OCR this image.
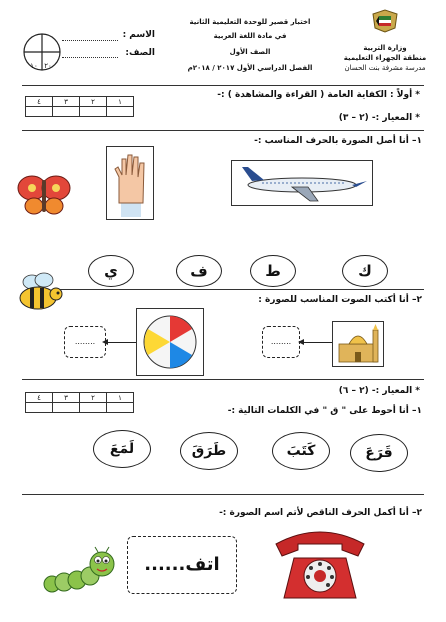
وزارة التربية
منطقة الجهراء التعليمية
مدرسة مشرفة بنت الحسان
اختبار قصير للوحدة التعليمية الثانية
في مادة اللغة العربية
الصف الأول
الفصل الدراسي الأول ٢٠١٧ / ٢٠١٨م
الاسم :
الصف:
١٠ ٢٠
* أولاً : الكفاية العامة ( القراءة والمشاهدة ) :-
٤	٣	٢	١

* المعيار :- (٢ – ٣)
١– أنا أصل الصورة بالحرف المناسب :-
ك
ط
ف
ي
٢– أنا أكتب الصوت المناسب للصورة :
........
........
٤	٣	٢	١

* المعيار :- (٢ – ٦)
١– أنا أحوط على " ق " في الكلمات التالية :-
قَرَعَ
كَتَبَ
طَرَقَ
لَمَعَ
٢– أنا أكمل الحرف الناقص لأتم اسم الصورة :-
......اتف
